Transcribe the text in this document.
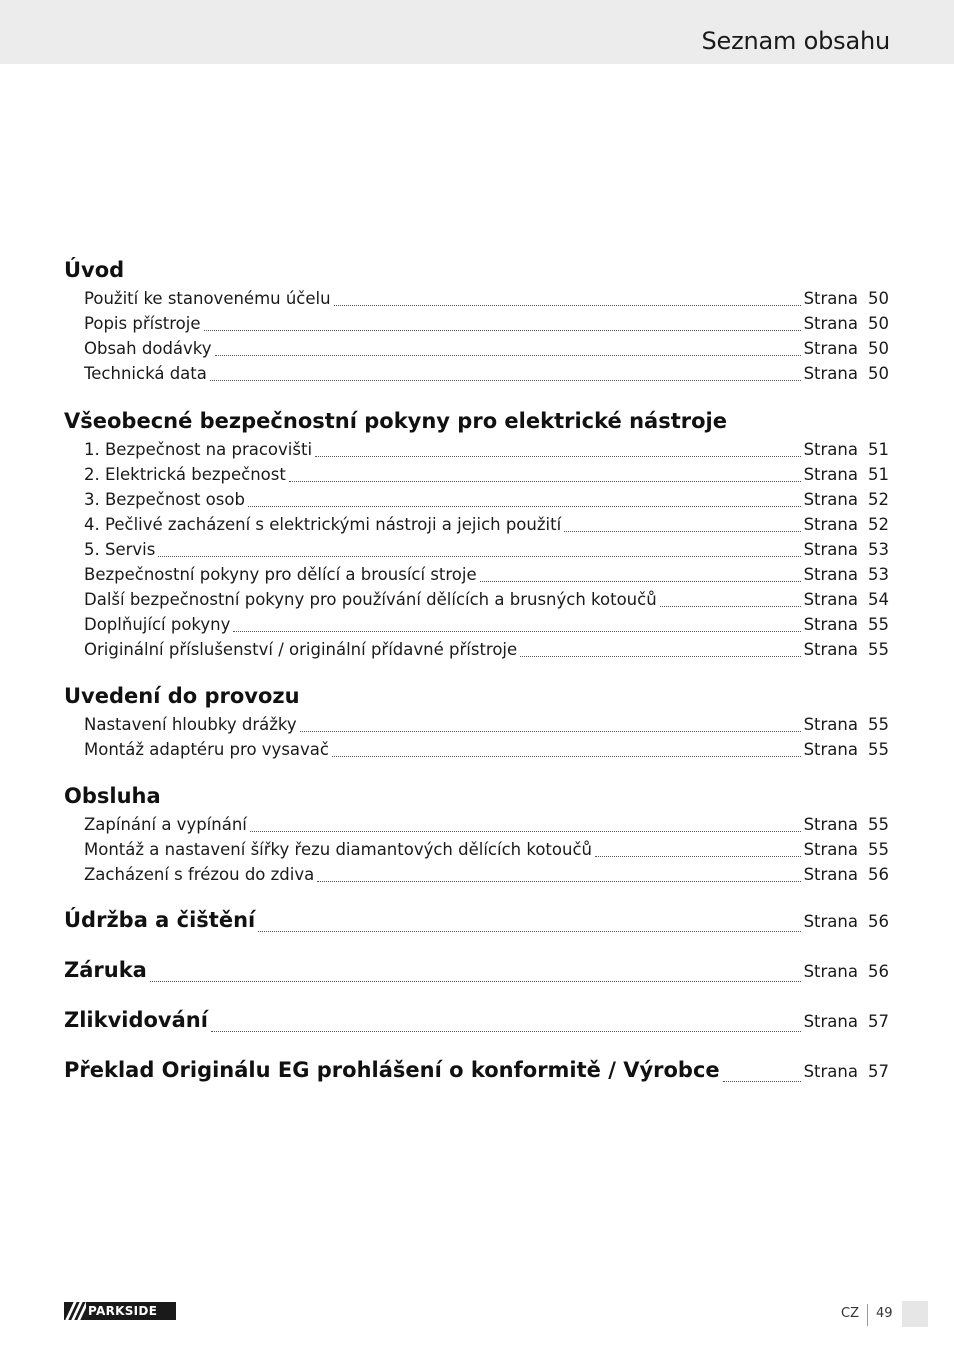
Seznam obsahu
Úvod
Použití ke stanovenému účelu	Strana 50
Popis přístroje	Strana 50
Obsah dodávky	Strana 50
Technická data	Strana 50
Všeobecné bezpečnostní pokyny pro elektrické nástroje
1. Bezpečnost na pracovišti	Strana 51
2. Elektrická bezpečnost	Strana 51
3. Bezpečnost osob	Strana 52
4. Pečlivé zacházení s elektrickými nástroji a jejich použití	Strana 52
5. Servis	Strana 53
Bezpečnostní pokyny pro dělící a brousící stroje	Strana 53
Další bezpečnostní pokyny pro používání dělících a brusných kotoučů	Strana 54
Doplňující pokyny	Strana 55
Originální příslušenství / originální přídavné přístroje	Strana 55
Uvedení do provozu
Nastavení hloubky drážky	Strana 55
Montáž adaptéru pro vysavač	Strana 55
Obsluha
Zapínání a vypínání	Strana 55
Montáž a nastavení šířky řezu diamantových dělících kotoučů	Strana 55
Zacházení s frézou do zdiva	Strana 56
Údržba a čištění	Strana 56
Záruka	Strana 56
Zlikvidování	Strana 57
Překlad Originálu EG prohlášení o konformitě / Výrobce	Strana 57
PARKSIDE	CZ 49
